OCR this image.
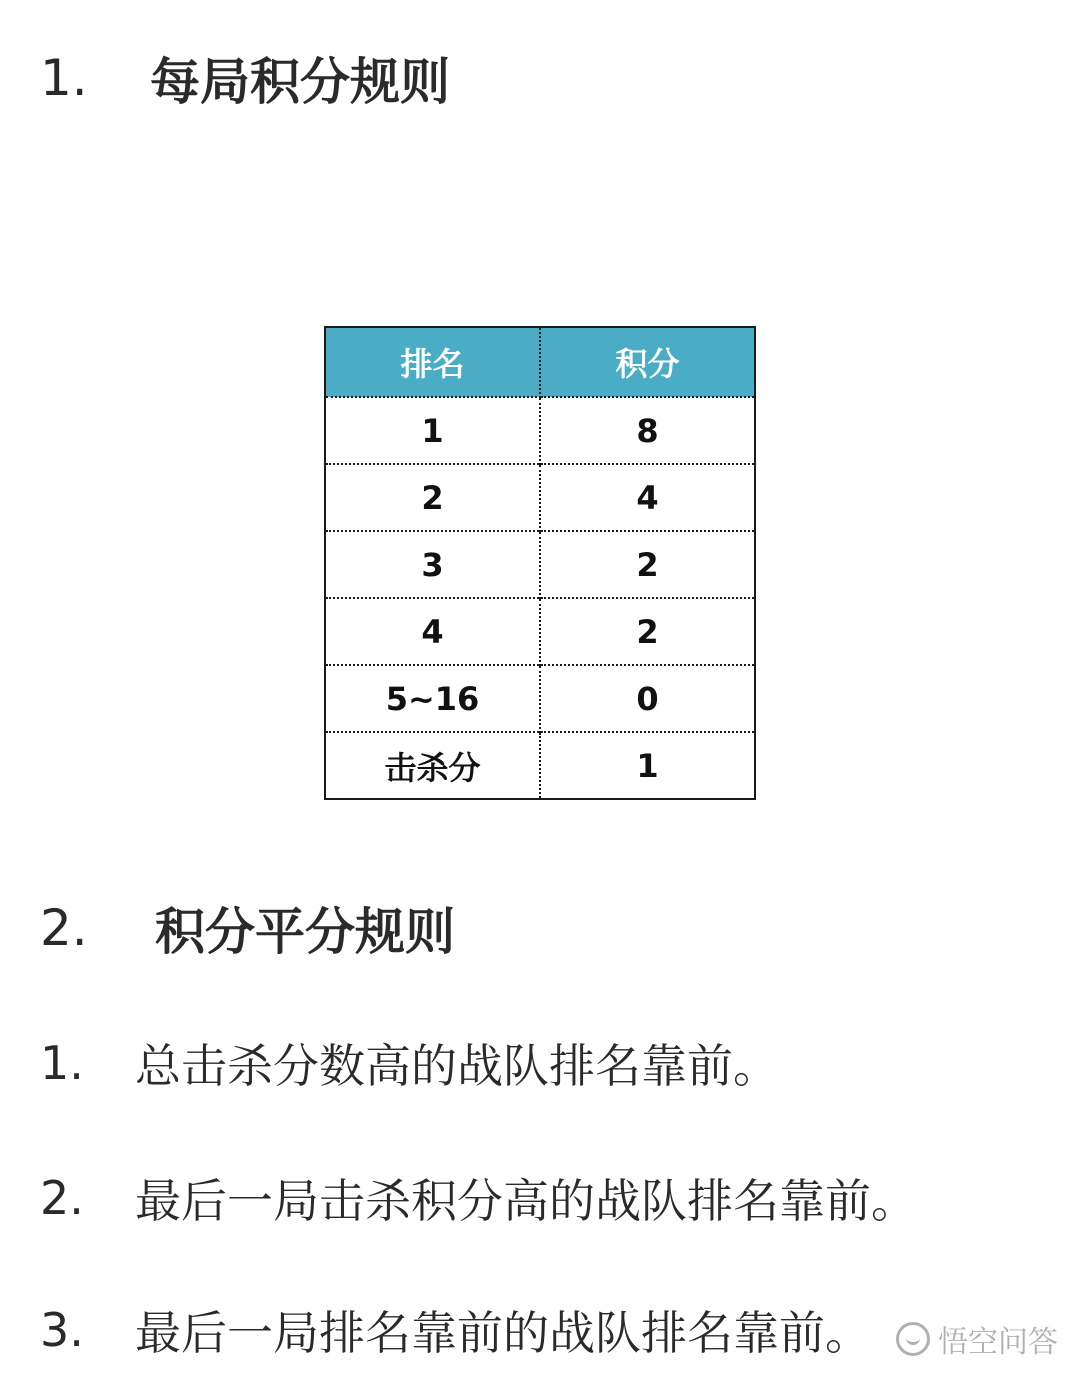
1.	每局积分规则
排名	积分
1	8
2	4
3	2
4	2
5~16	0
击杀分	1
2.	积分平分规则
1.	总击杀分数高的战队排名靠前。
2.	最后一局击杀积分高的战队排名靠前。
3.	最后一局排名靠前的战队排名靠前。 悟空问答
